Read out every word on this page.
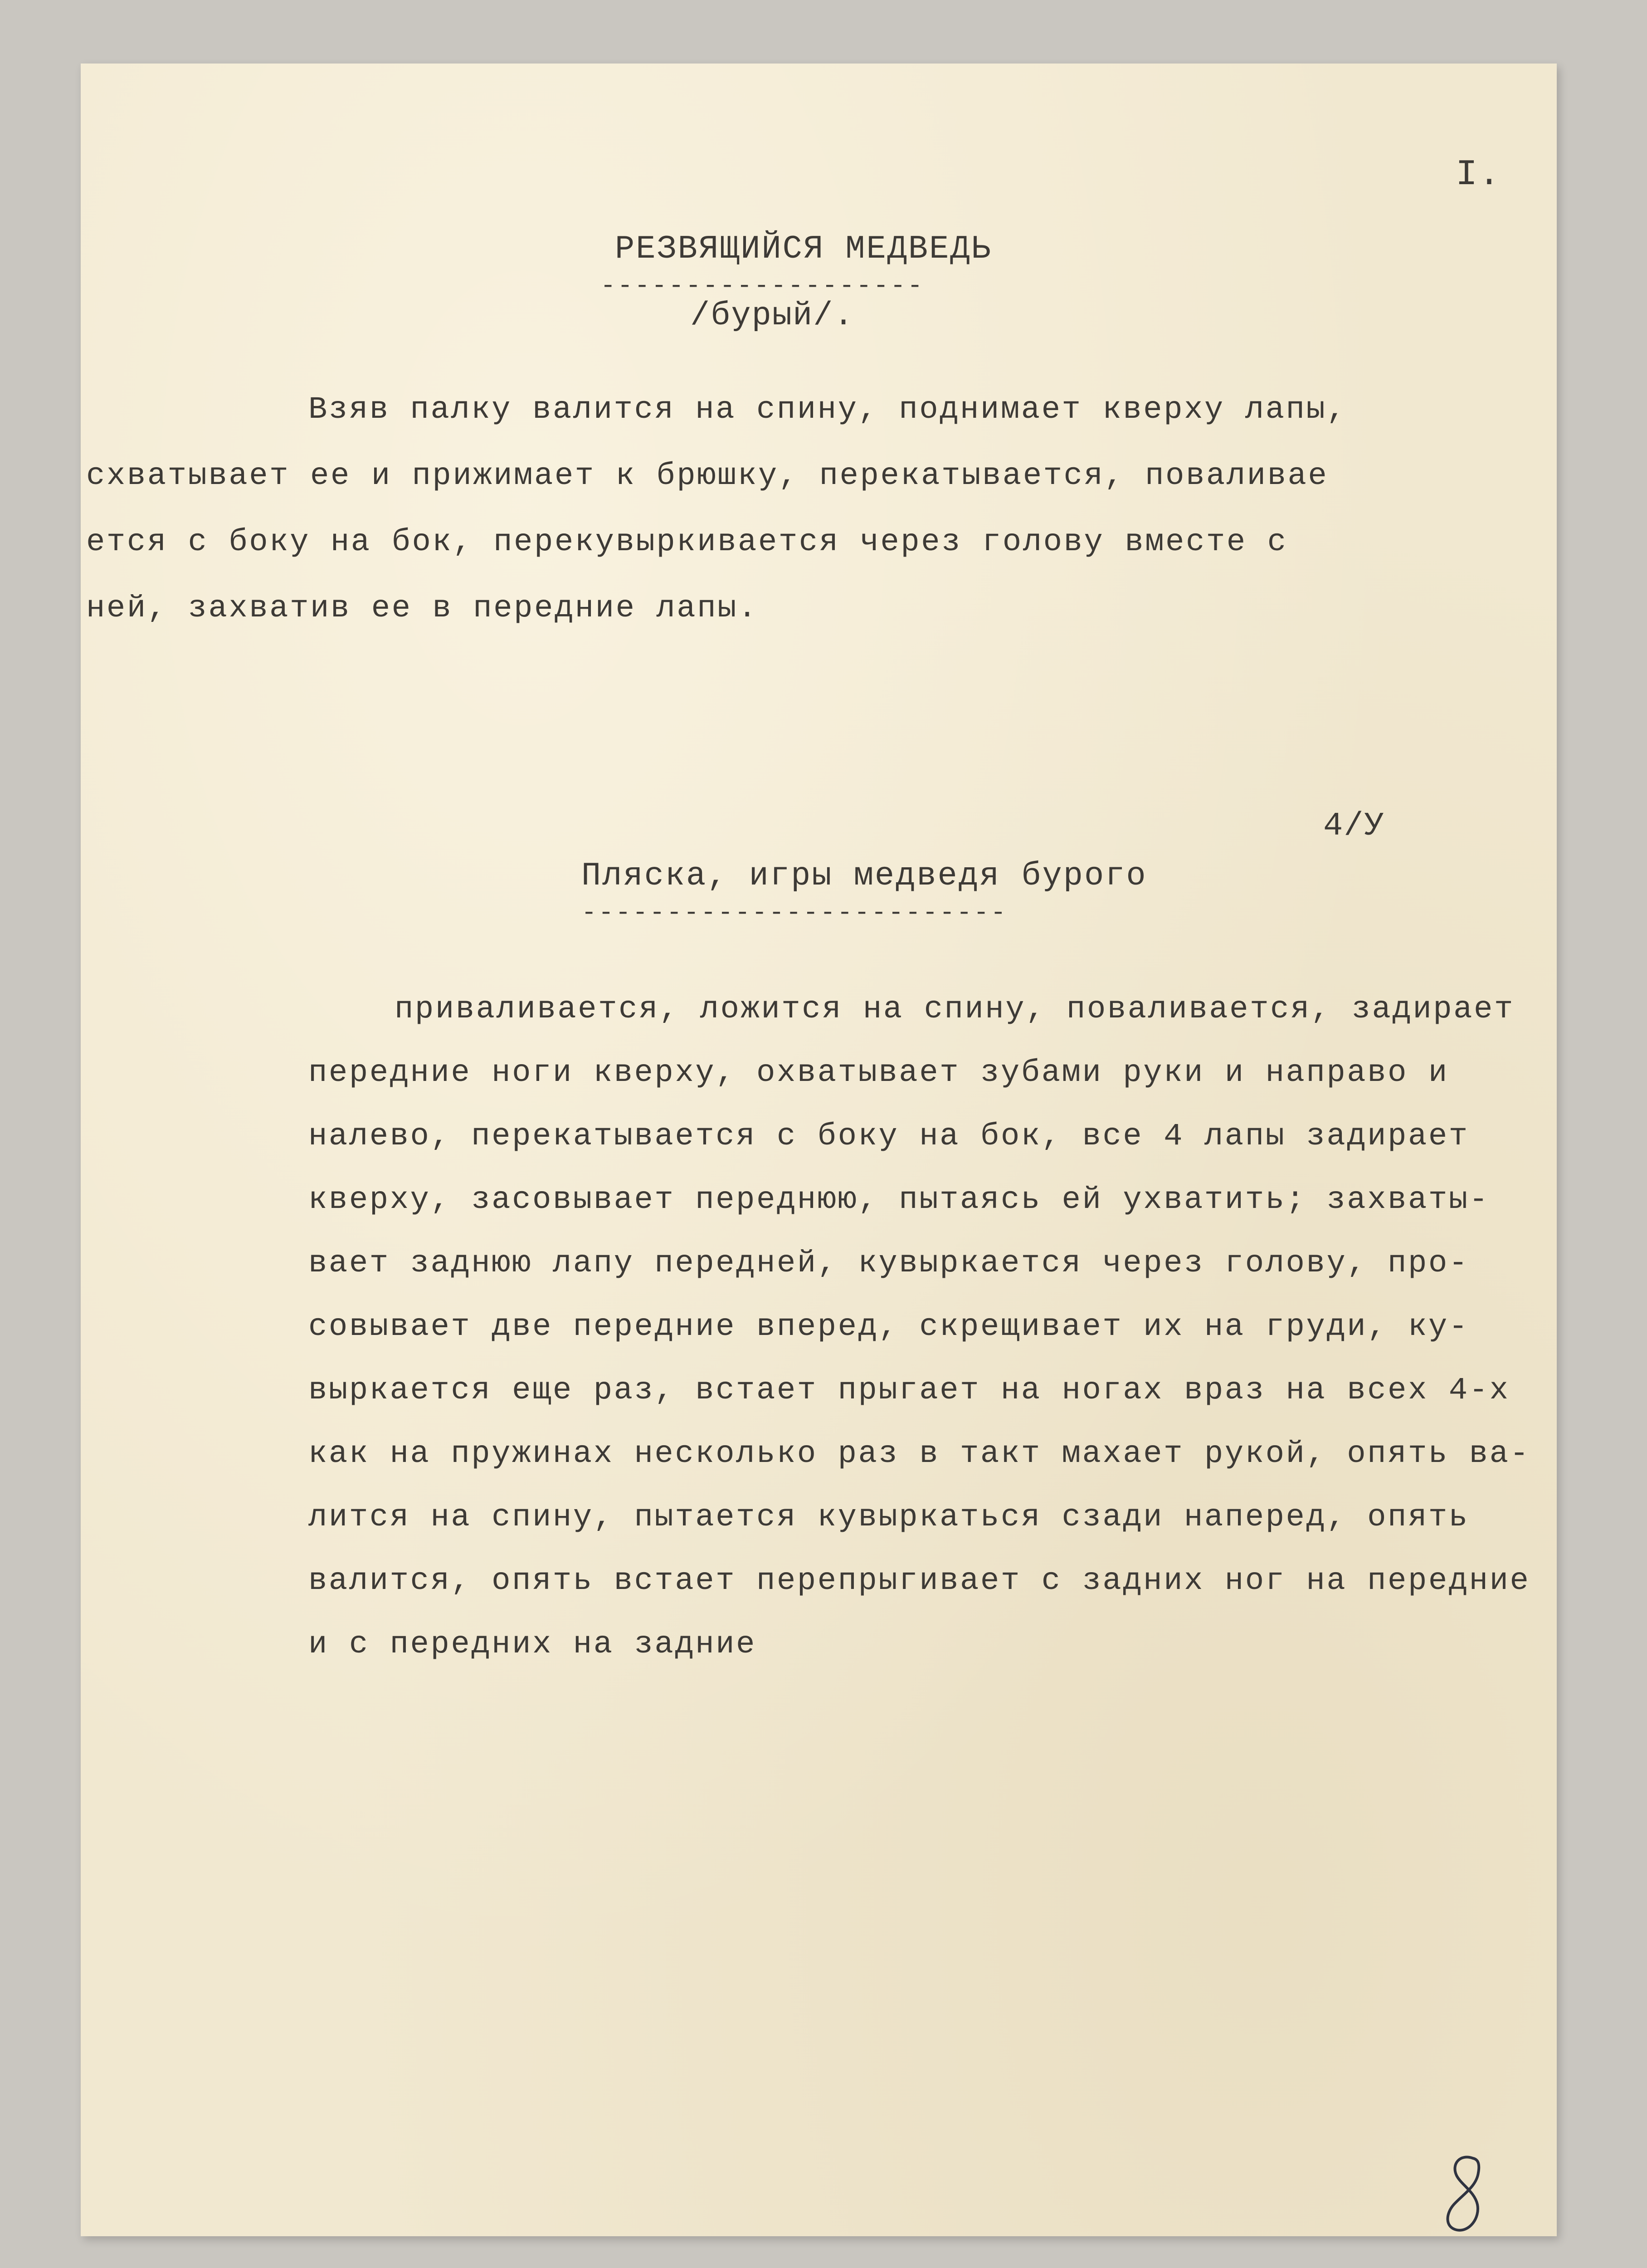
I.
РЕЗВЯЩИЙСЯ МЕДВЕДЬ
-------------------
/бурый/.
Взяв палку валится на спину, поднимает кверху лапы,
схватывает ее и прижимает к брюшку, перекатывается, поваливае
ется с боку на бок, перекувыркивается через голову вместе с
ней, захватив ее в передние лапы.
4/У
Пляска, игры медведя бурого
-------------------------
приваливается, ложится на спину, поваливается, задирает
передние ноги кверху, охватывает зубами руки и направо и
налево, перекатывается с боку на бок, все 4 лапы задирает
кверху, засовывает переднюю, пытаясь ей ухватить; захваты-
вает заднюю лапу передней, кувыркается через голову, про-
совывает две передние вперед, скрещивает их на груди, ку-
выркается еще раз, встает прыгает на ногах враз на всех 4-х
как на пружинах несколько раз в такт махает рукой, опять ва-
лится на спину, пытается кувыркаться сзади наперед, опять
валится, опять встает перепрыгивает с задних ног на передние
и с передних на задние
